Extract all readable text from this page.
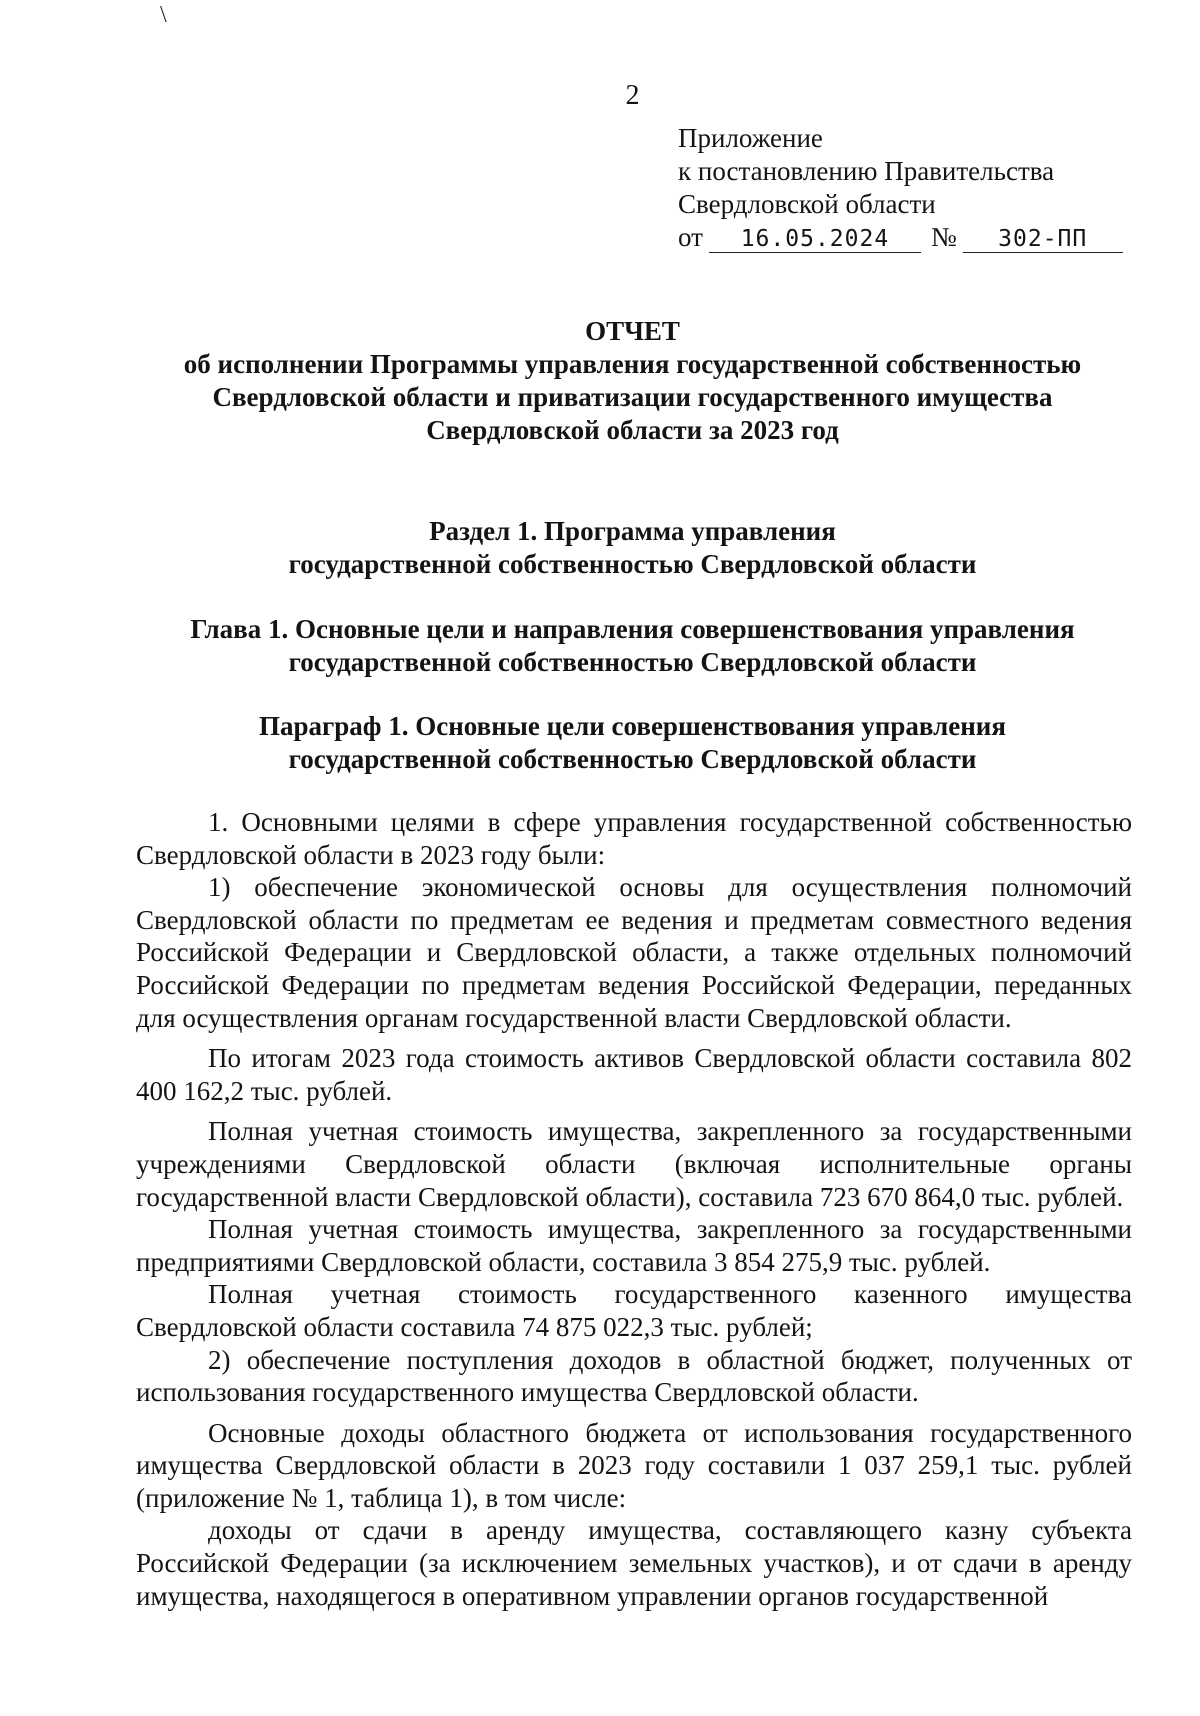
\
2
Приложение
к постановлению Правительства
Свердловской области
от 16.05.2024 № 302-ПП
ОТЧЕТ
об исполнении Программы управления государственной собственностью
Свердловской области и приватизации государственного имущества
Свердловской области за 2023 год
Раздел 1. Программа управления
государственной собственностью Свердловской области
Глава 1. Основные цели и направления совершенствования управления
государственной собственностью Свердловской области
Параграф 1. Основные цели совершенствования управления
государственной собственностью Свердловской области

1. Основными целями в сфере управления государственной собственностью Свердловской области в 2023 году были:

1) обеспечение экономической основы для осуществления полномочий Свердловской области по предметам ее ведения и предметам совместного ведения Российской Федерации и Свердловской области, а также отдельных полномочий Российской Федерации по предметам ведения Российской Федерации, переданных для осуществления органам государственной власти Свердловской области.

По итогам 2023 года стоимость активов Свердловской области составила 802 400 162,2 тыс. рублей.

Полная учетная стоимость имущества, закрепленного за государственными учреждениями Свердловской области (включая исполнительные органы государственной власти Свердловской области), составила 723 670 864,0 тыс. рублей.

Полная учетная стоимость имущества, закрепленного за государственными предприятиями Свердловской области, составила 3 854 275,9 тыс. рублей.

Полная учетная стоимость государственного казенного имущества Свердловской области составила 74 875 022,3 тыс. рублей;

2) обеспечение поступления доходов в областной бюджет, полученных от использования государственного имущества Свердловской области.

Основные доходы областного бюджета от использования государственного имущества Свердловской области в 2023 году составили 1 037 259,1 тыс. рублей (приложение № 1, таблица 1), в том числе:

доходы от сдачи в аренду имущества, составляющего казну субъекта Российской Федерации (за исключением земельных участков), и от сдачи в аренду имущества, находящегося в оперативном управлении органов государственной
